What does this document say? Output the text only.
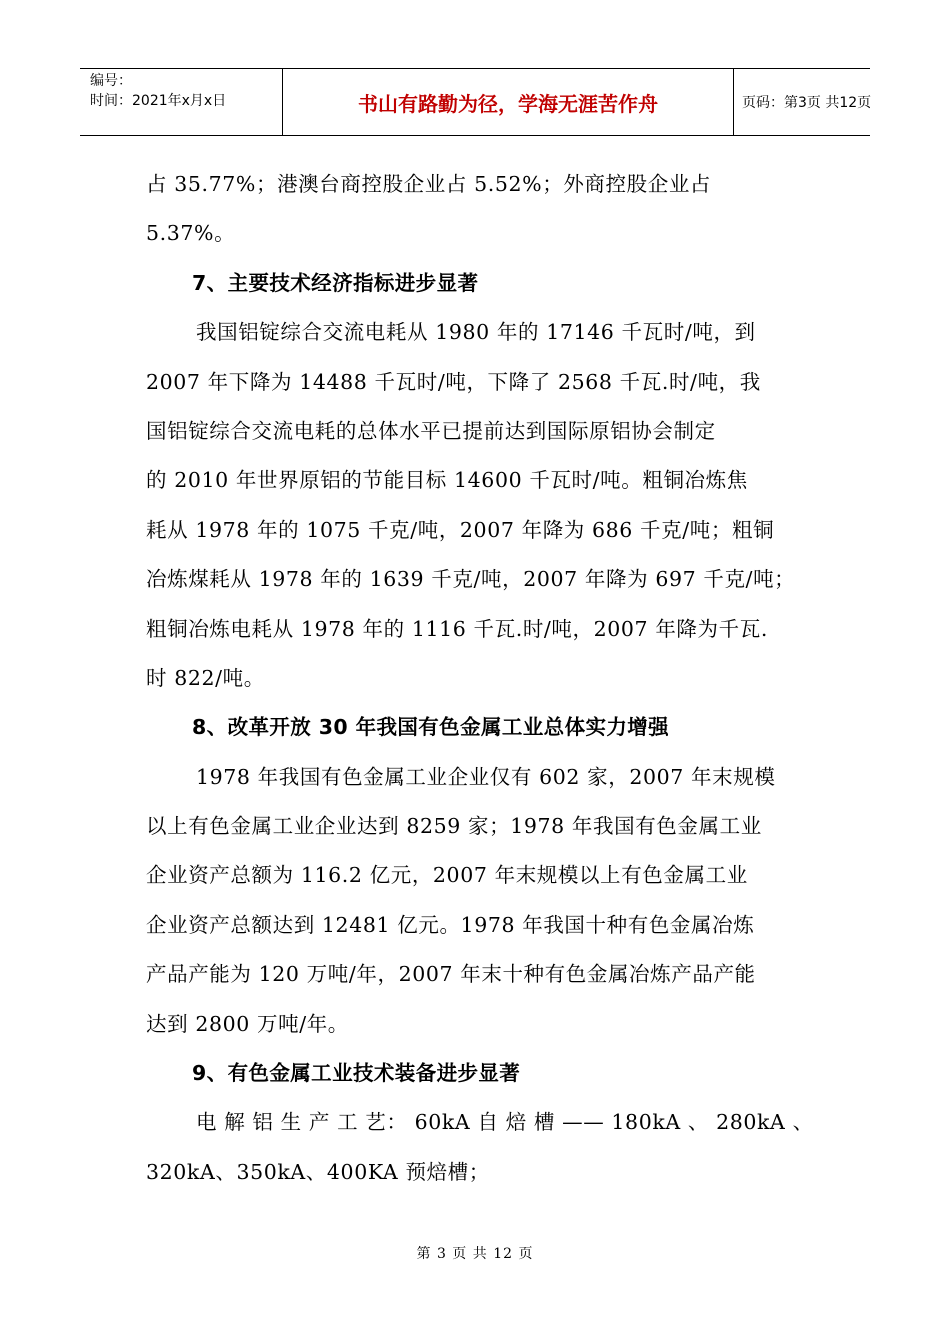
编号：
时间：2021年x月x日	书山有路勤为径，学海无涯苦作舟	页码：第3页 共12页
占 35.77%；港澳台商控股企业占 5.52%；外商控股企业占
5.37%。
7、主要技术经济指标进步显著
我国铝锭综合交流电耗从 1980 年的 17146 千瓦时/吨，到
2007 年下降为 14488 千瓦时/吨，下降了 2568 千瓦.时/吨，我
国铝锭综合交流电耗的总体水平已提前达到国际原铝协会制定
的 2010 年世界原铝的节能目标 14600 千瓦时/吨。粗铜冶炼焦
耗从 1978 年的 1075 千克/吨，2007 年降为 686 千克/吨；粗铜
冶炼煤耗从 1978 年的 1639 千克/吨，2007 年降为 697 千克/吨；
粗铜冶炼电耗从 1978 年的 1116 千瓦.时/吨，2007 年降为千瓦.
时 822/吨。
8、改革开放 30 年我国有色金属工业总体实力增强
1978 年我国有色金属工业企业仅有 602 家，2007 年末规模
以上有色金属工业企业达到 8259 家；1978 年我国有色金属工业
企业资产总额为 116.2 亿元，2007 年末规模以上有色金属工业
企业资产总额达到 12481 亿元。1978 年我国十种有色金属冶炼
产品产能为 120 万吨/年，2007 年末十种有色金属冶炼产品产能
达到 2800 万吨/年。
9、有色金属工业技术装备进步显著
电 解 铝 生 产 工 艺： 60kA 自 焙 槽 —— 180kA 、 280kA 、
320kA、350kA、400KA 预焙槽；
第 3 页 共 12 页
